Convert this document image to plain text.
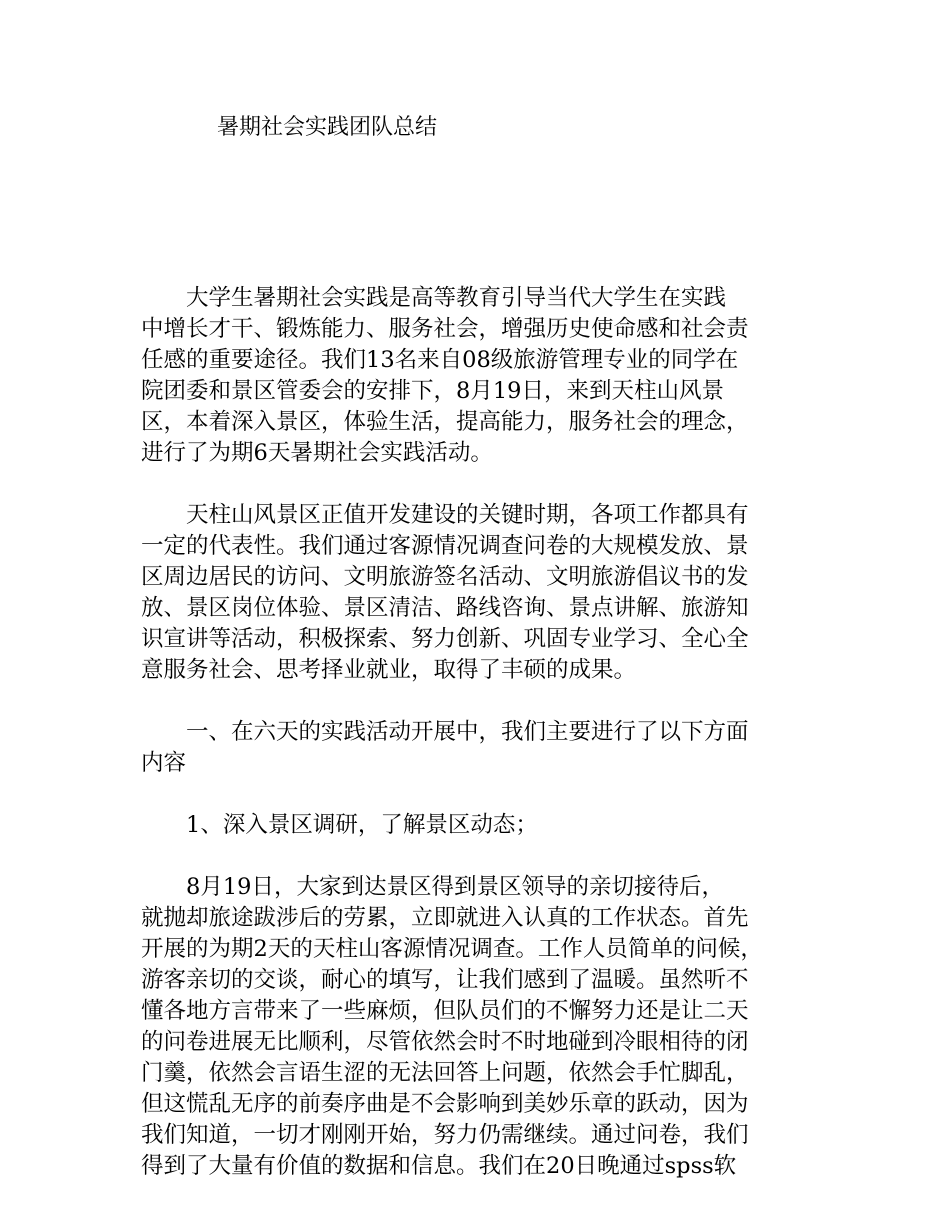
暑期社会实践团队总结

　　大学生暑期社会实践是高等教育引导当代大学生在实践
中增长才干、锻炼能力、服务社会，增强历史使命感和社会责
任感的重要途径。我们13名来自08级旅游管理专业的同学在
院团委和景区管委会的安排下，8月19日，来到天柱山风景
区，本着深入景区，体验生活，提高能力，服务社会的理念，
进行了为期6天暑期社会实践活动。

　　天柱山风景区正值开发建设的关键时期，各项工作都具有
一定的代表性。我们通过客源情况调查问卷的大规模发放、景
区周边居民的访问、文明旅游签名活动、文明旅游倡议书的发
放、景区岗位体验、景区清洁、路线咨询、景点讲解、旅游知
识宣讲等活动，积极探索、努力创新、巩固专业学习、全心全
意服务社会、思考择业就业，取得了丰硕的成果。

　　一、在六天的实践活动开展中，我们主要进行了以下方面
内容

　　1、深入景区调研，了解景区动态；

　　8月19日，大家到达景区得到景区领导的亲切接待后，
就抛却旅途跋涉后的劳累，立即就进入认真的工作状态。首先
开展的为期2天的天柱山客源情况调查。工作人员简单的问候，
游客亲切的交谈，耐心的填写，让我们感到了温暖。虽然听不
懂各地方言带来了一些麻烦，但队员们的不懈努力还是让二天
的问卷进展无比顺利，尽管依然会时不时地碰到冷眼相待的闭
门羹，依然会言语生涩的无法回答上问题，依然会手忙脚乱，
但这慌乱无序的前奏序曲是不会影响到美妙乐章的跃动，因为
我们知道，一切才刚刚开始，努力仍需继续。通过问卷，我们
得到了大量有价值的数据和信息。我们在20日晚通过spss软
